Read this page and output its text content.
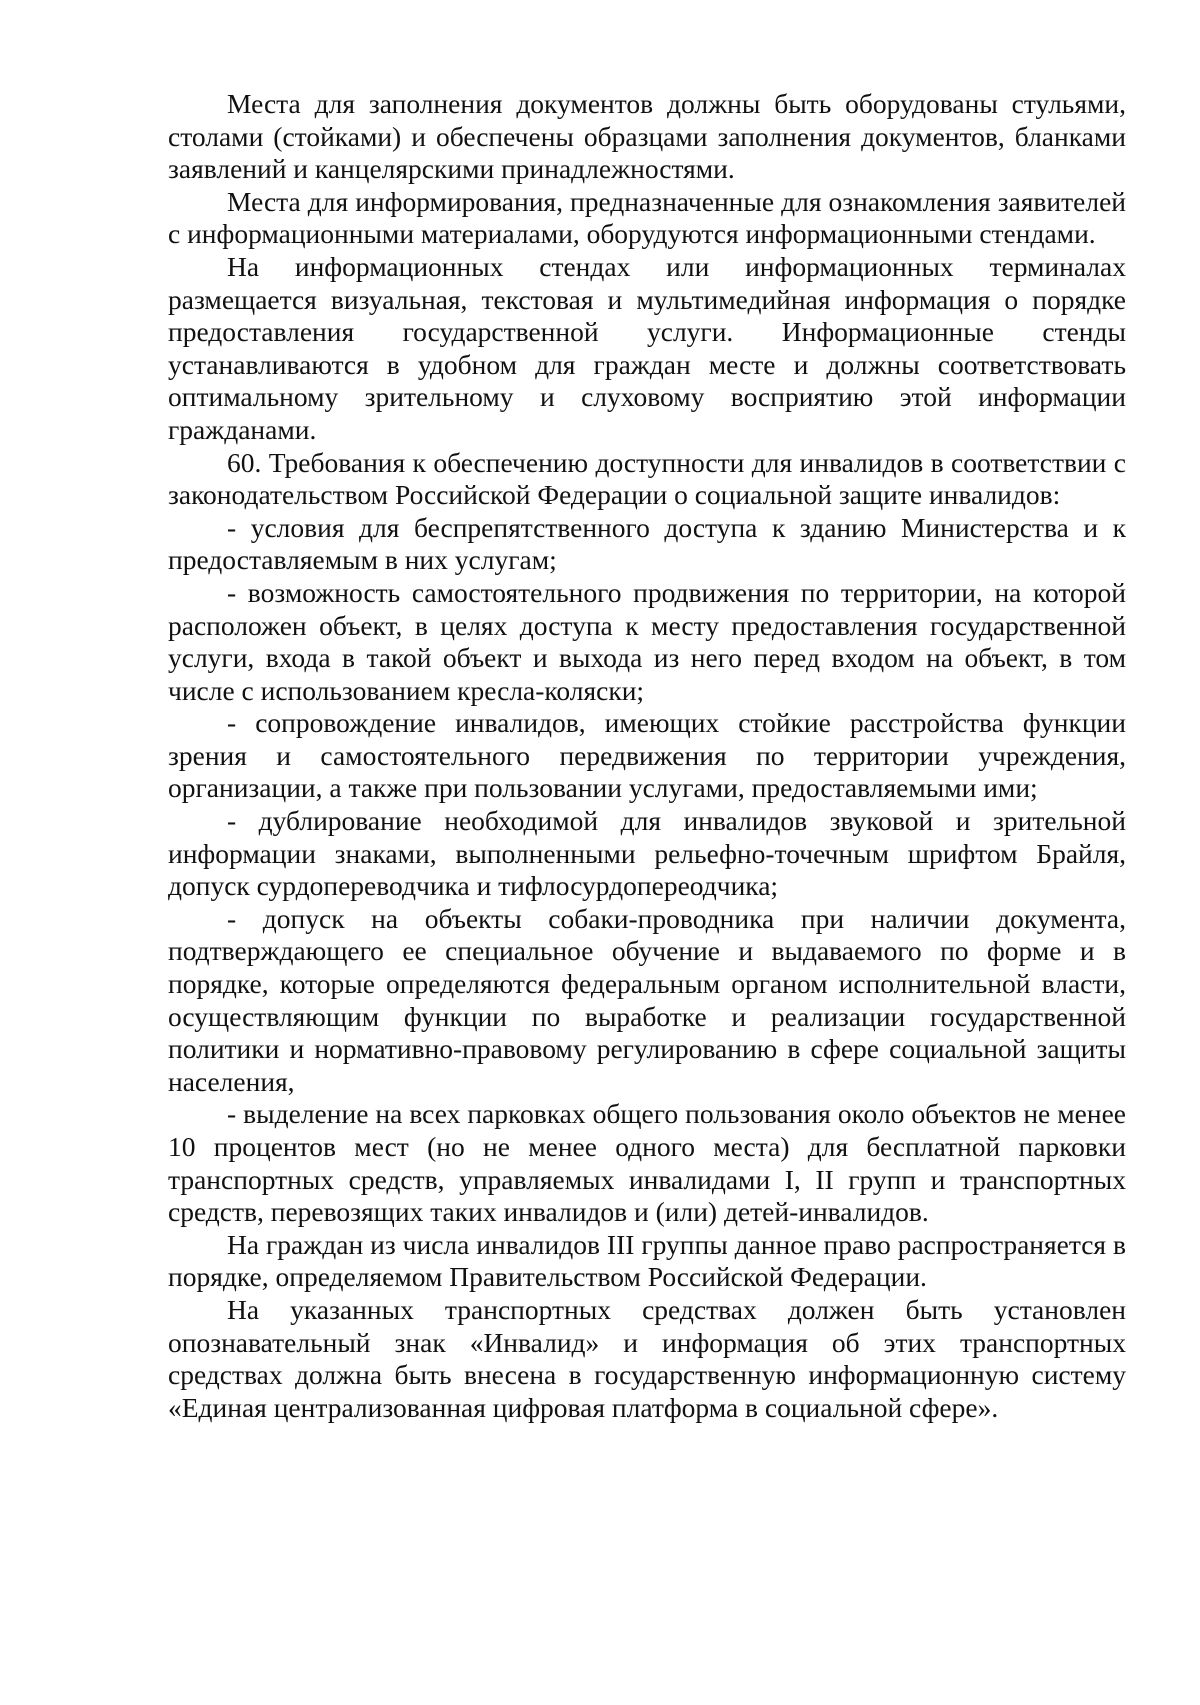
Места для заполнения документов должны быть оборудованы стульями, столами (стойками) и обеспечены образцами заполнения документов, бланками заявлений и канцелярскими принадлежностями.

Места для информирования, предназначенные для ознакомления заявителей с информационными материалами, оборудуются информационными стендами.

На информационных стендах или информационных терминалах размещается визуальная, текстовая и мультимедийная информация о порядке предоставления государственной услуги. Информационные стенды устанавливаются в удобном для граждан месте и должны соответствовать оптимальному зрительному и слуховому восприятию этой информации гражданами.

60. Требования к обеспечению доступности для инвалидов в соответствии с законодательством Российской Федерации о социальной защите инвалидов:

- условия для беспрепятственного доступа к зданию Министерства и к предоставляемым в них услугам;

- возможность самостоятельного продвижения по территории, на которой расположен объект, в целях доступа к месту предоставления государственной услуги, входа в такой объект и выхода из него перед входом на объект, в том числе с использованием кресла-коляски;

- сопровождение инвалидов, имеющих стойкие расстройства функции зрения и самостоятельного передвижения по территории учреждения, организации, а также при пользовании услугами, предоставляемыми ими;

- дублирование необходимой для инвалидов звуковой и зрительной информации знаками, выполненными рельефно-точечным шрифтом Брайля, допуск сурдопереводчика и тифлосурдопереодчика;

- допуск на объекты собаки-проводника при наличии документа, подтверждающего ее специальное обучение и выдаваемого по форме и в порядке, которые определяются федеральным органом исполнительной власти, осуществляющим функции по выработке и реализации государственной политики и нормативно-правовому регулированию в сфере социальной защиты населения,

- выделение на всех парковках общего пользования около объектов не менее 10 процентов мест (но не менее одного места) для бесплатной парковки транспортных средств, управляемых инвалидами I, II групп и транспортных средств, перевозящих таких инвалидов и (или) детей-инвалидов.

На граждан из числа инвалидов III группы данное право распространяется в порядке, определяемом Правительством Российской Федерации.

На указанных транспортных средствах должен быть установлен опознавательный знак «Инвалид» и информация об этих транспортных средствах должна быть внесена в государственную информационную систему «Единая централизованная цифровая платформа в социальной сфере».
